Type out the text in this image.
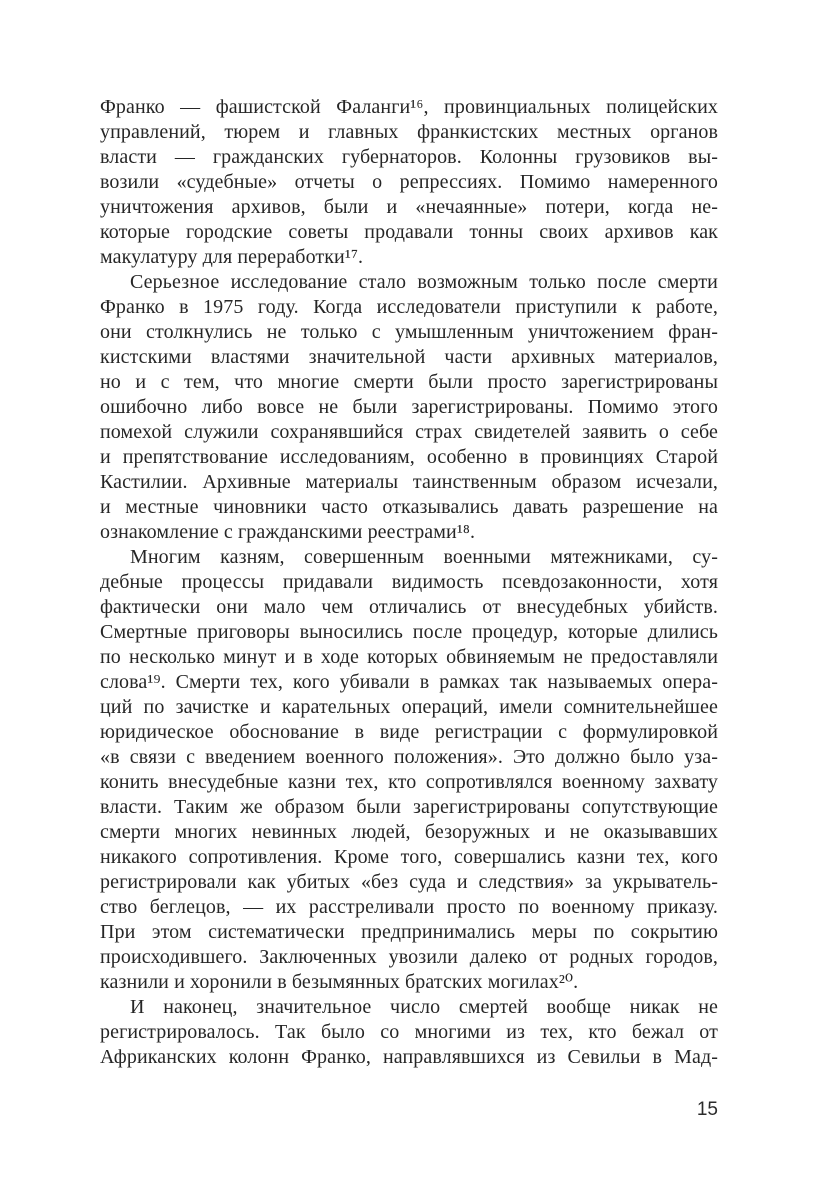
Франко — фашистской Фаланги¹⁶, провинциальных полицейских
управлений, тюрем и главных франкистских местных органов
власти — гражданских губернаторов. Колонны грузовиков вы-
возили «судебные» отчеты о репрессиях. Помимо намеренного
уничтожения архивов, были и «нечаянные» потери, когда не-
которые городские советы продавали тонны своих архивов как
макулатуру для переработки¹⁷.
Серьезное исследование стало возможным только после смерти
Франко в 1975 году. Когда исследователи приступили к работе,
они столкнулись не только с умышленным уничтожением фран-
кистскими властями значительной части архивных материалов,
но и с тем, что многие смерти были просто зарегистрированы
ошибочно либо вовсе не были зарегистрированы. Помимо этого
помехой служили сохранявшийся страх свидетелей заявить о себе
и препятствование исследованиям, особенно в провинциях Старой
Кастилии. Архивные материалы таинственным образом исчезали,
и местные чиновники часто отказывались давать разрешение на
ознакомление с гражданскими реестрами¹⁸.
Многим казням, совершенным военными мятежниками, су-
дебные процессы придавали видимость псевдозаконности, хотя
фактически они мало чем отличались от внесудебных убийств.
Смертные приговоры выносились после процедур, которые длились
по несколько минут и в ходе которых обвиняемым не предоставляли
слова¹⁹. Смерти тех, кого убивали в рамках так называемых опера-
ций по зачистке и карательных операций, имели сомнительнейшее
юридическое обоснование в виде регистрации с формулировкой
«в связи с введением военного положения». Это должно было уза-
конить внесудебные казни тех, кто сопротивлялся военному захвату
власти. Таким же образом были зарегистрированы сопутствующие
смерти многих невинных людей, безоружных и не оказывавших
никакого сопротивления. Кроме того, совершались казни тех, кого
регистрировали как убитых «без суда и следствия» за укрыватель-
ство беглецов, — их расстреливали просто по военному приказу.
При этом систематически предпринимались меры по сокрытию
происходившего. Заключенных увозили далеко от родных городов,
казнили и хоронили в безымянных братских могилах²⁰.
И наконец, значительное число смертей вообще никак не
регистрировалось. Так было со многими из тех, кто бежал от
Африканских колонн Франко, направлявшихся из Севильи в Мад-
15
